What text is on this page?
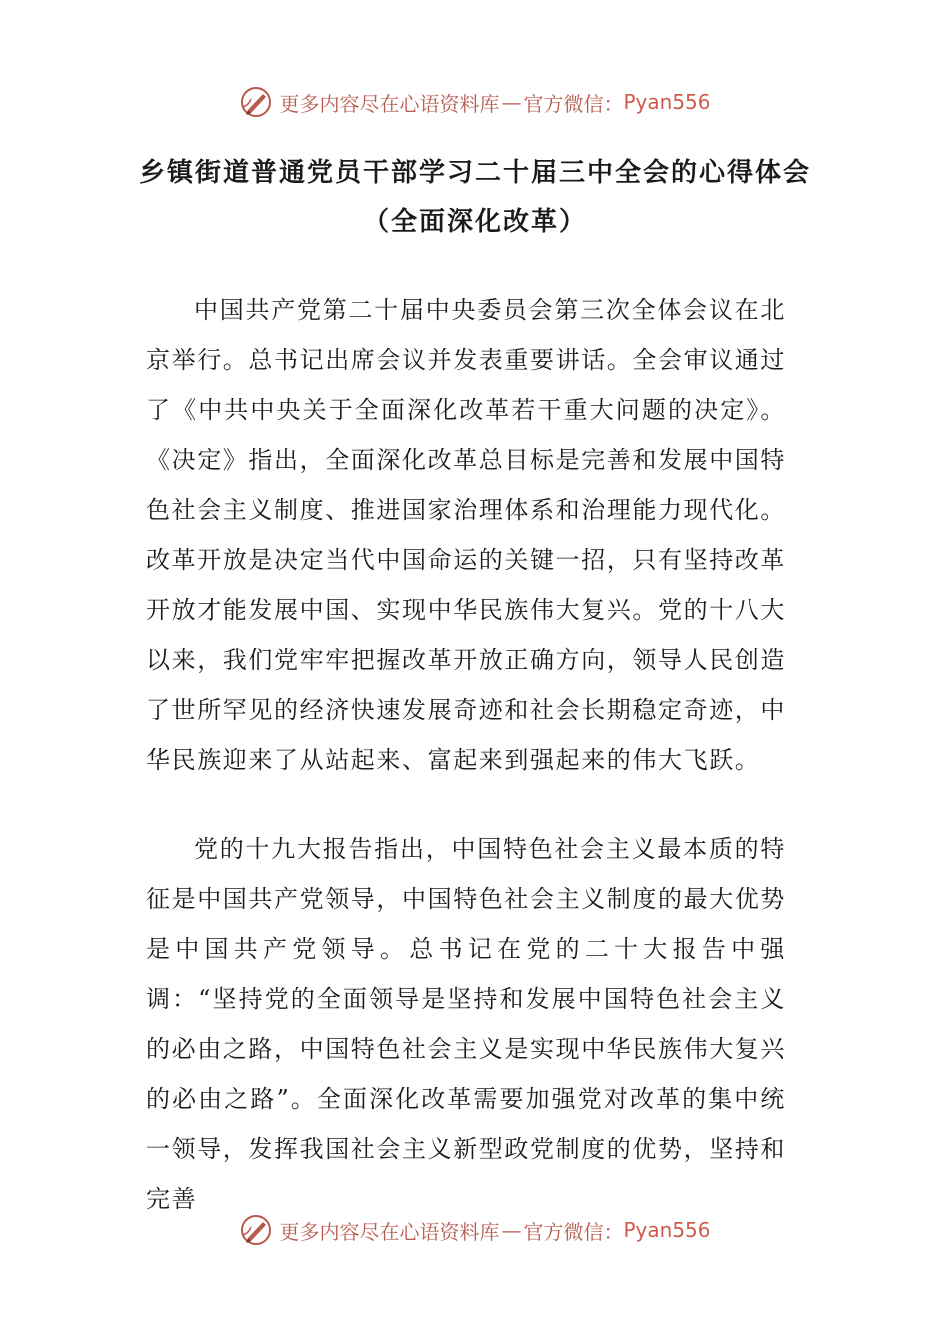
更多内容尽在心语资料库 — 官方微信： Pyan556
乡镇街道普通党员干部学习二十届三中全会的心得体会
（全面深化改革）

中国共产党第二十届中央委员会第三次全体会议在北京举行。总书记出席会议并发表重要讲话。全会审议通过了《中共中央关于全面深化改革若干重大问题的决定》。《决定》指出，全面深化改革总目标是完善和发展中国特色社会主义制度、推进国家治理体系和治理能力现代化。改革开放是决定当代中国命运的关键一招，只有坚持改革开放才能发展中国、实现中华民族伟大复兴。党的十八大以来，我们党牢牢把握改革开放正确方向，领导人民创造了世所罕见的经济快速发展奇迹和社会长期稳定奇迹，中华民族迎来了从站起来、富起来到强起来的伟大飞跃。

党的十九大报告指出，中国特色社会主义最本质的特征是中国共产党领导，中国特色社会主义制度的最大优势是中国共产党领导。总书记在党的二十大报告中强调：“坚持党的全面领导是坚持和发展中国特色社会主义的必由之路，中国特色社会主义是实现中华民族伟大复兴的必由之路”。全面深化改革需要加强党对改革的集中统一领导，发挥我国社会主义新型政党制度的优势，坚持和完善

更多内容尽在心语资料库 — 官方微信： Pyan556
